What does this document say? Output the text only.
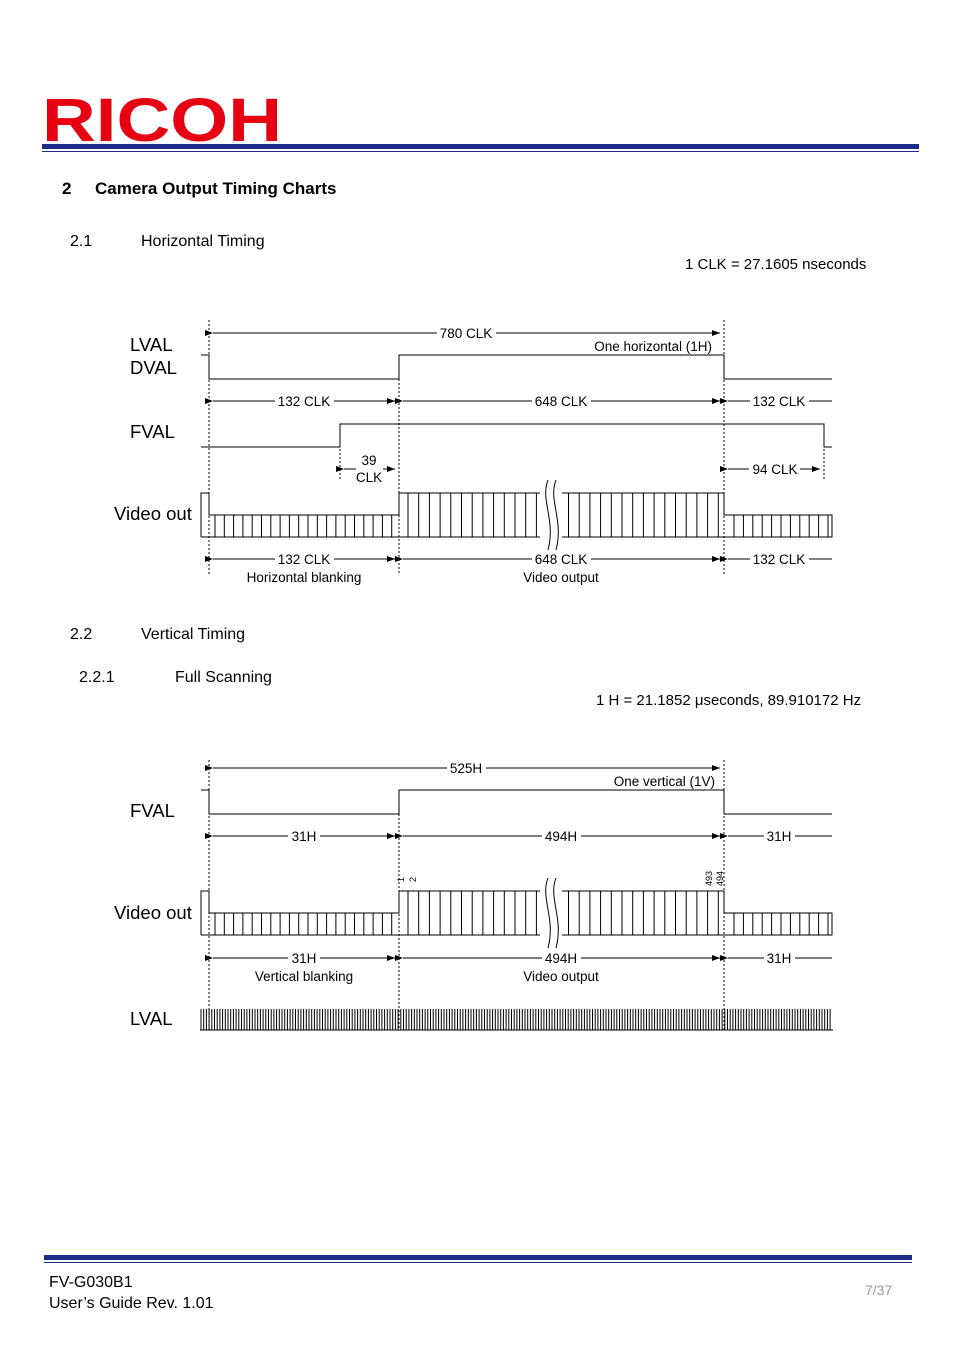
RICOH
2 Camera Output Timing Charts
2.1	Horizontal Timing
1 CLK = 27.1605 nseconds
780 CLK
One horizontal (1H)
132 CLK	648 CLK	132 CLK
39
CLK
94 CLK
132 CLK	648 CLK	132 CLK
Horizontal blanking	Video output
LVAL
DVAL
FVAL
Video out
2.2	Vertical Timing
2.2.1	Full Scanning
1 H = 21.1852 μseconds, 89.910172 Hz
525H
One vertical (1V)
31H	494H	31H
1 2	493 494
31H	494H	31H
Vertical blanking	Video output
FVAL
Video out
LVAL
FV-G030B1
User’s Guide Rev. 1.01
7/37
